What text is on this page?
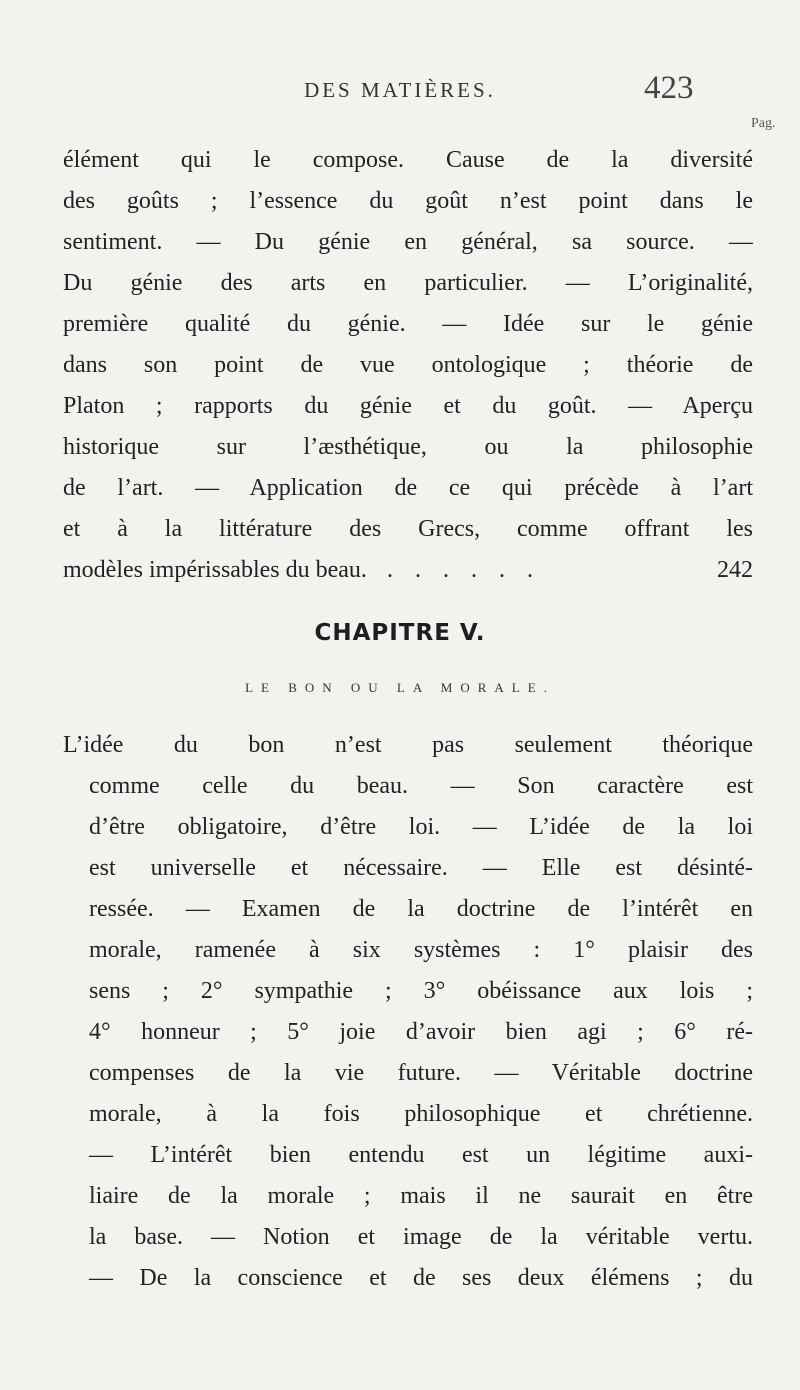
DES MATIÈRES.	423
Pag.
élément qui le compose. Cause de la diversité
des goûts ; l’essence du goût n’est point dans le
sentiment. — Du génie en général, sa source. —
Du génie des arts en particulier. — L’originalité,
première qualité du génie. — Idée sur le génie
dans son point de vue ontologique ; théorie de
Platon ; rapports du génie et du goût. — Aperçu
historique sur l’æsthétique, ou la philosophie
de l’art. — Application de ce qui précède à l’art
et à la littérature des Grecs, comme offrant les
modèles impérissables du beau. . . . . . .	242
CHAPITRE V.
LE BON OU LA MORALE.
L’idée du bon n’est pas seulement théorique
comme celle du beau. — Son caractère est
d’être obligatoire, d’être loi. — L’idée de la loi
est universelle et nécessaire. — Elle est désinté-
ressée. — Examen de la doctrine de l’intérêt en
morale, ramenée à six systèmes : 1° plaisir des
sens ; 2° sympathie ; 3° obéissance aux lois ;
4° honneur ; 5° joie d’avoir bien agi ; 6° ré-
compenses de la vie future. — Véritable doctrine
morale, à la fois philosophique et chrétienne.
— L’intérêt bien entendu est un légitime auxi-
liaire de la morale ; mais il ne saurait en être
la base. — Notion et image de la véritable vertu.
— De la conscience et de ses deux élémens ; du
